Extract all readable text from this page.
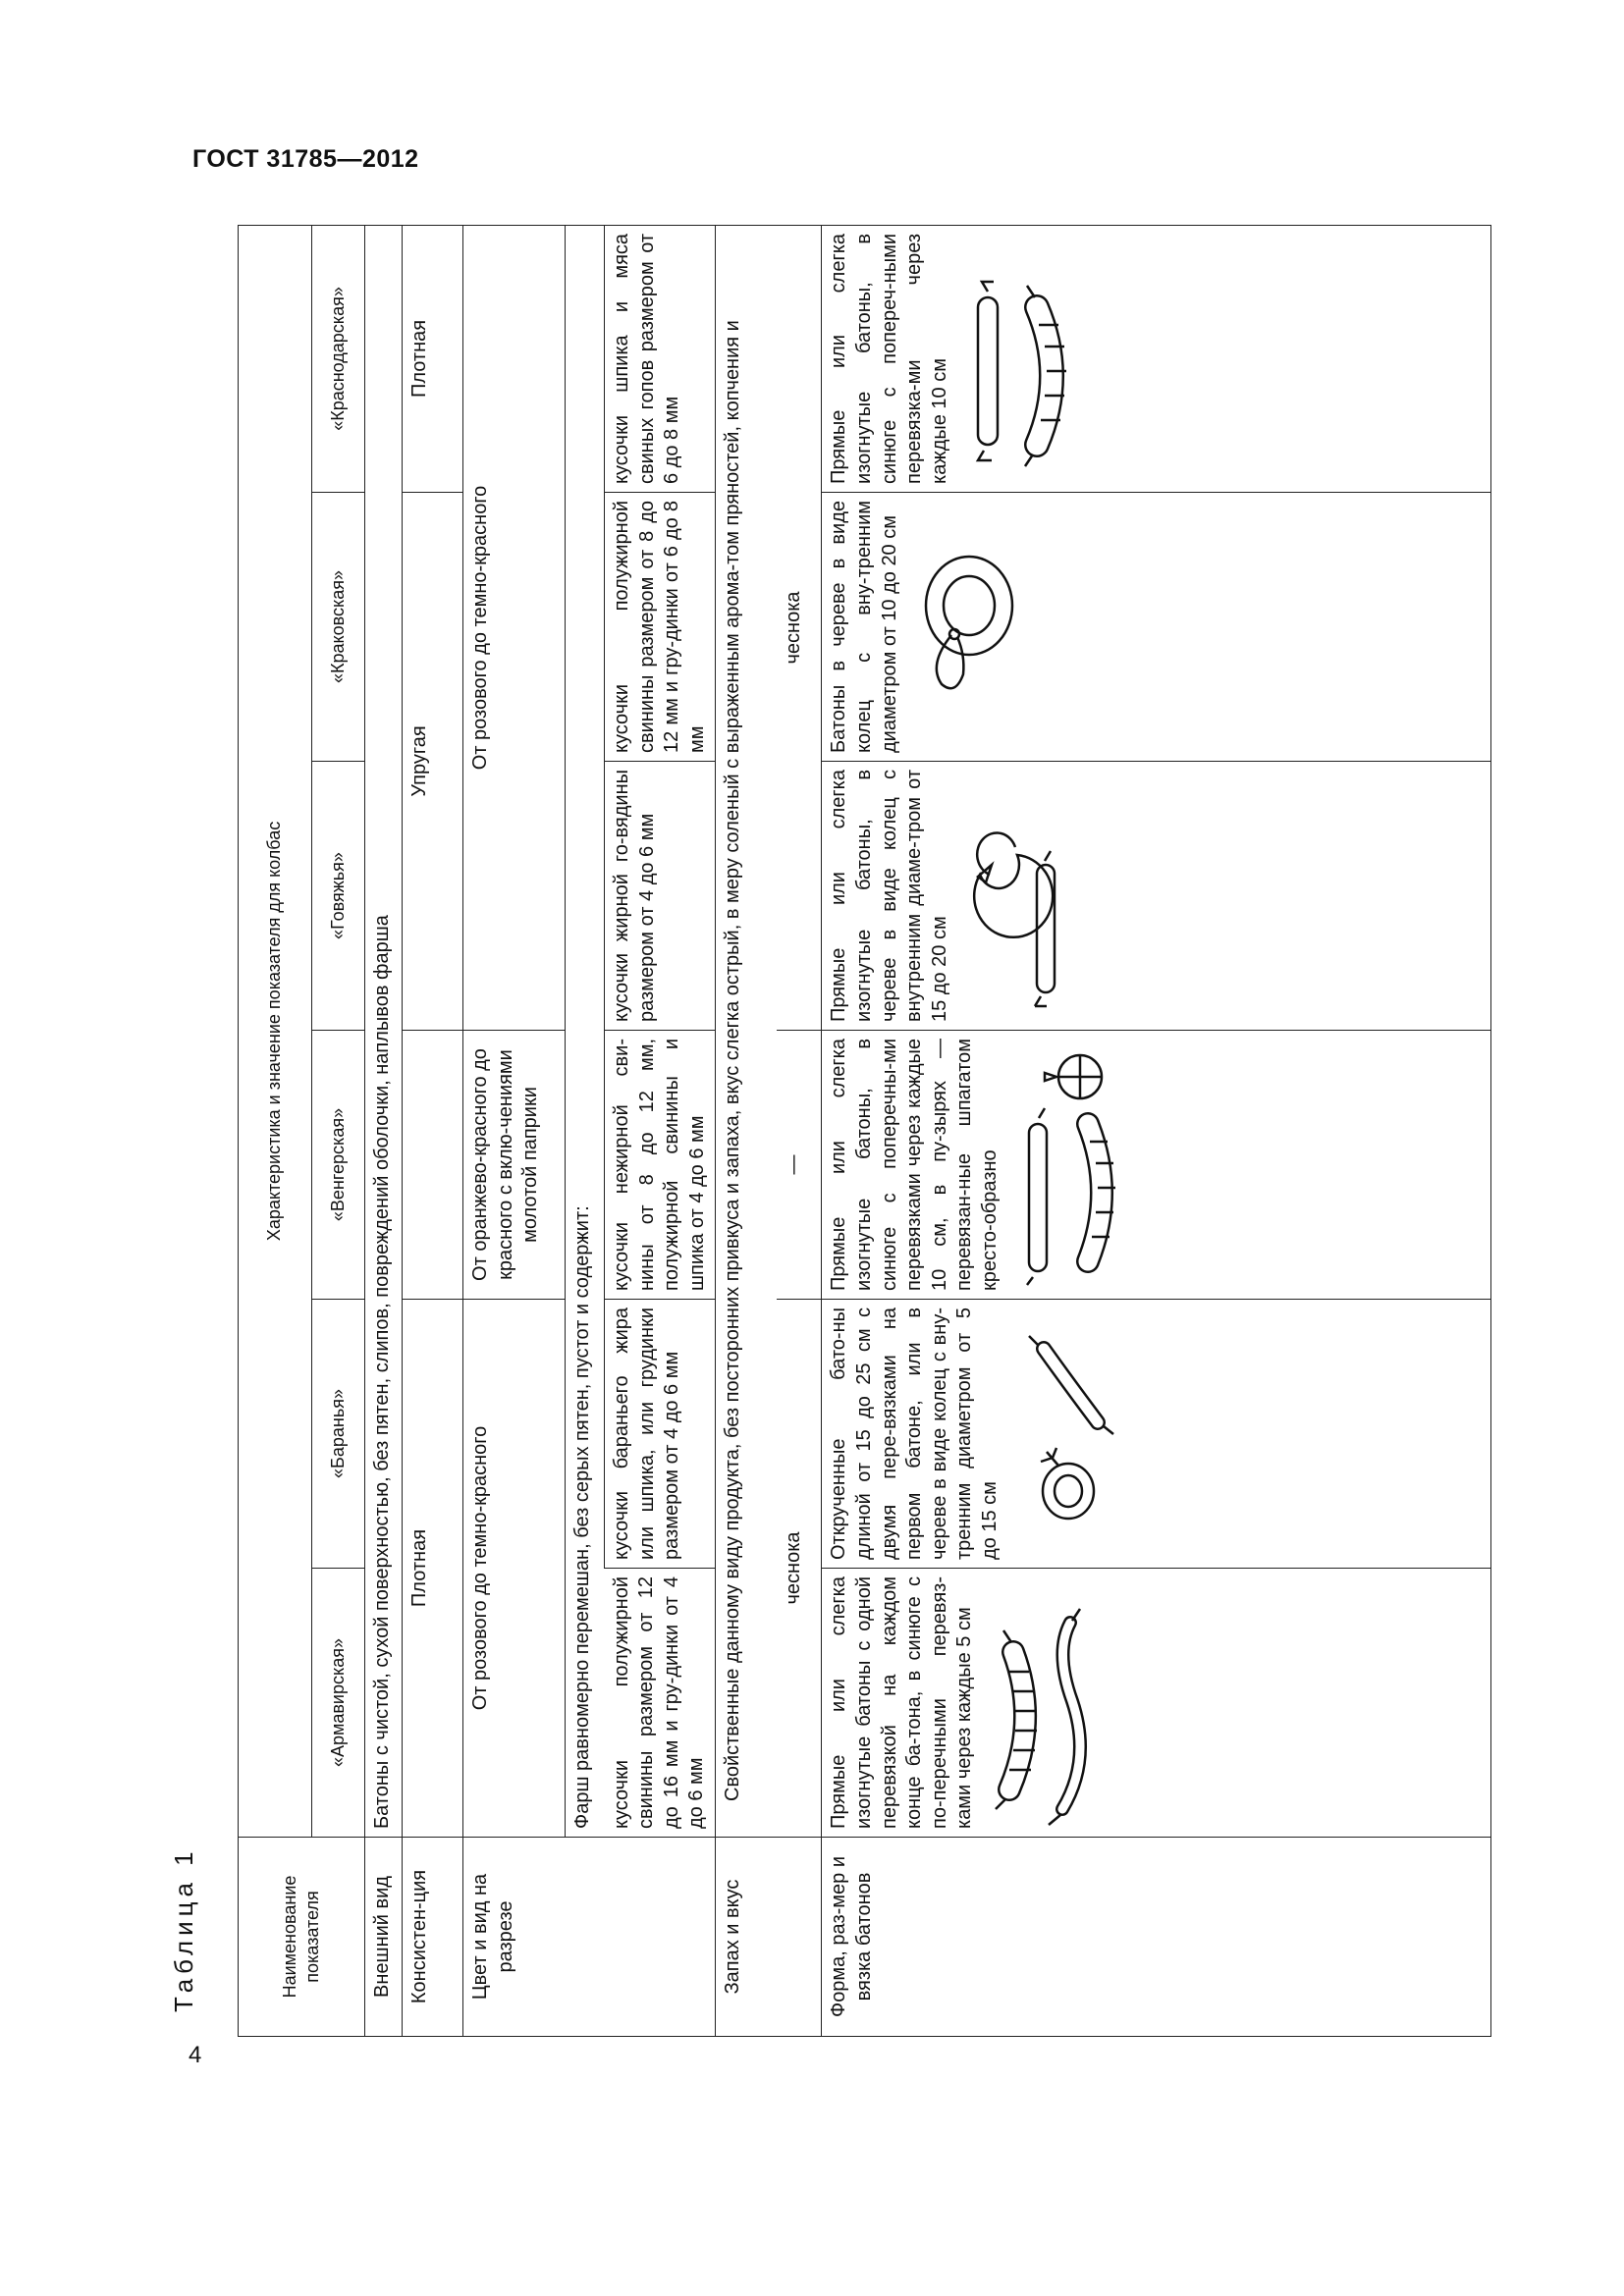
ГОСТ 31785—2012
Таблица 1
4
Наименование показателя	Характеристика и значение показателя для колбас					
	«Армавирская»	«Баранья»	«Венгерская»	«Говяжья»	«Краковская»	«Краснодарская»
Внешний вид	Батоны с чистой, сухой поверхностью, без пятен, слипов, повреждений оболочки, наплывов фарша					
Консистен-ция	Плотная			Упругая		Плотная
Цвет и вид на разрезе	От розового до темно-красного		От оранжево-красного до красного с вклю-чениями молотой паприки	От розового до темно-красного		
	Фарш равномерно перемешан, без серых пятен, пустот и содержит:					
	кусочки полужирной свинины размером от 12 до 16 мм и гру-динки от 4 до 6 мм	кусочки бараньего жира или шпика, или грудинки размером от 4 до 6 мм	кусочки нежирной сви-нины от 8 до 12 мм, полужирной свинины и шпика от 4 до 6 мм	кусочки жирной го-вядины размером от 4 до 6 мм	кусочки полужирной свинины размером от 8 до 12 мм и гру-динки от 6 до 8 мм	кусочки шпика и мяса свиных гопов размером от 6 до 8 мм
Запах и вкус	Свойственные данному виду продукта, без посторонних привкуса и запаха, вкус слегка острый, в меру соленый с выраженным арома-том пряностей, копчения и					
	чеснока		—	чеснока		
Форма, раз-мер и вязка батонов	Прямые или слегка изогнутые батоны с одной перевязкой на каждом конце ба-тона, в синюге с по-перечными перевяз-ками через каждые 5 см	Открученные бато-ны длиной от 15 до 25 см с двумя пере-вязками на первом батоне, или в череве в виде колец с вну-тренним диаметром от 5 до 15 см	Прямые или слегка изогнутые батоны, в синюге с поперечны-ми перевязками через каждые 10 см, в пу-зырях — перевязан-ные шпагатом кресто-образно	Прямые или слегка изогнутые батоны, в череве в виде колец с внутренним диаме-тром от 15 до 20 см	Батоны в череве в виде колец с вну-тренним диаметром от 10 до 20 см	Прямые или слегка изогнутые батоны, в синюге с попереч-ными перевязка-ми через каждые 10 см
